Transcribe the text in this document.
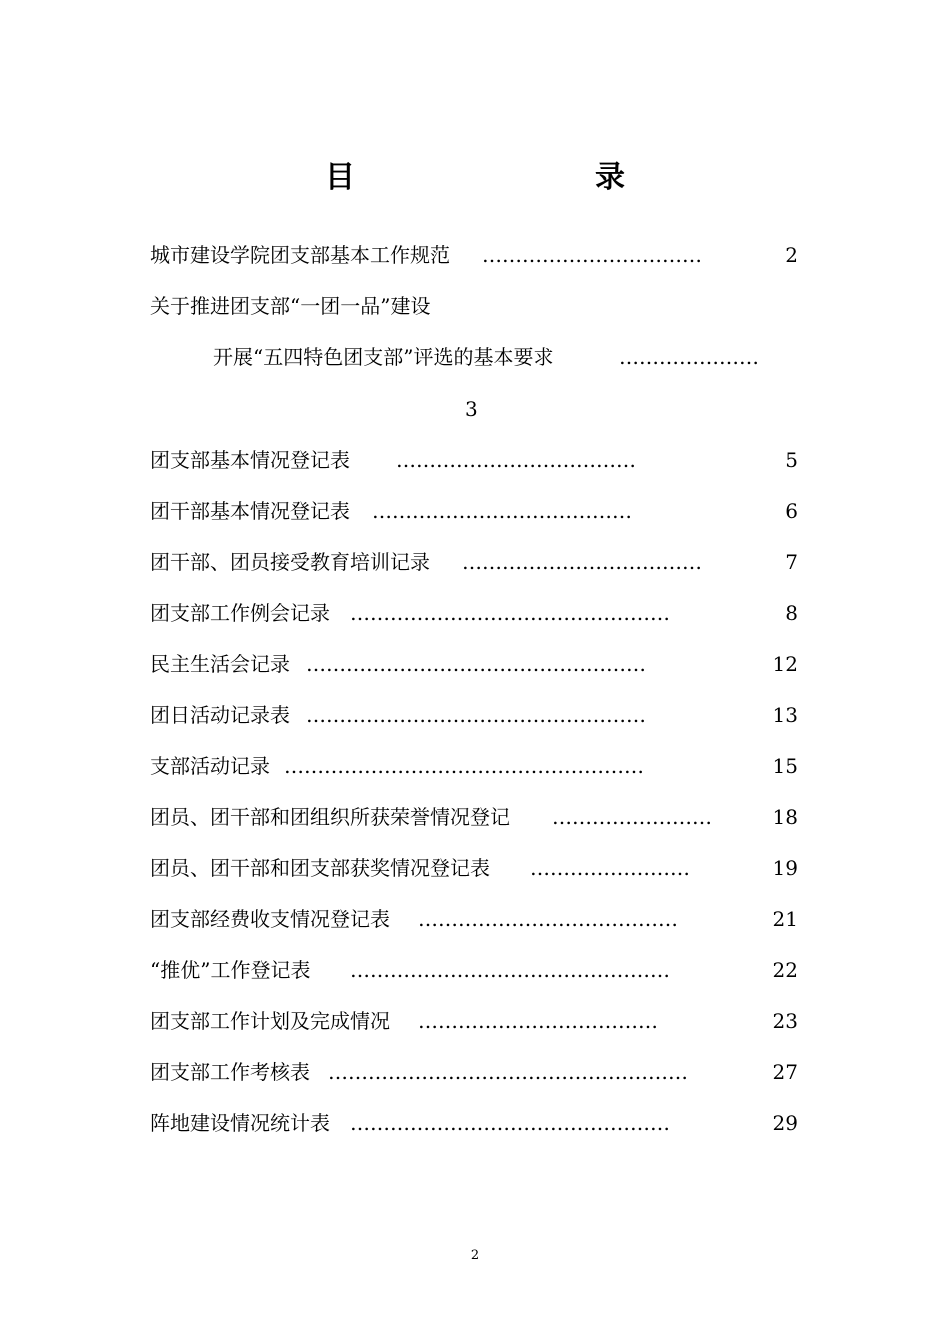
目　　录
城市建设学院团支部基本工作规范 ……………………………	2
关于推进团支部“一团一品”建设
开展“五四特色团支部”评选的基本要求	…………………
3
团支部基本情况登记表 ………………………………	5
团干部基本情况登记表 …………………………………	6
团干部、团员接受教育培训记录 ………………………………	7
团支部工作例会记录 …………………………………………	8
民主生活会记录 ……………………………………………	12
团日活动记录表 ……………………………………………	13
支部活动记录 ………………………………………………	15
团员、团干部和团组织所获荣誉情况登记 ……………………	18
团员、团干部和团支部获奖情况登记表 ……………………	19
团支部经费收支情况登记表 …………………………………	21
“推优”工作登记表 …………………………………………	22
团支部工作计划及完成情况 ………………………………	23
团支部工作考核表 ………………………………………………	27
阵地建设情况统计表 …………………………………………	29
2
